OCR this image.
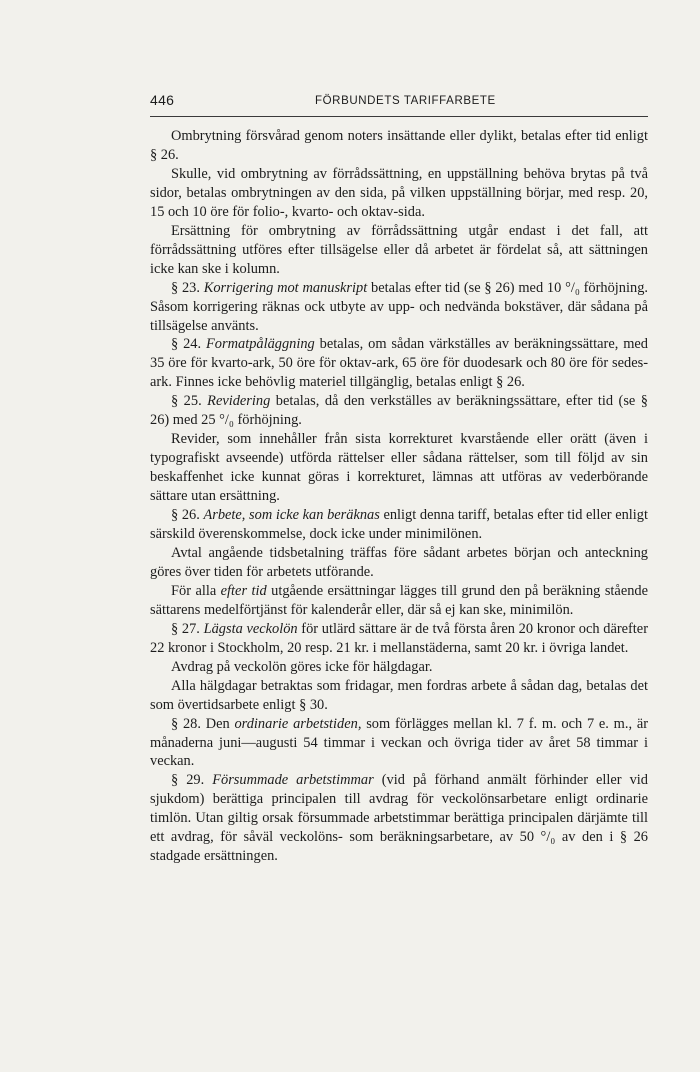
446	FÖRBUNDETS TARIFFARBETE

Ombrytning försvårad genom noters insättande eller dylikt, betalas efter tid enligt § 26.

Skulle, vid ombrytning av förrådssättning, en uppställning behöva brytas på två sidor, betalas ombrytningen av den sida, på vilken uppställning börjar, med resp. 20, 15 och 10 öre för folio-, kvarto- och oktav-sida.

Ersättning för ombrytning av förrådssättning utgår endast i det fall, att förrådssättning utföres efter tillsägelse eller då arbetet är fördelat så, att sättningen icke kan ske i kolumn.

§ 23. Korrigering mot manuskript betalas efter tid (se § 26) med 10 °/₀ förhöjning. Såsom korrigering räknas ock utbyte av upp- och nedvända bokstäver, där sådana på tillsägelse använts.

§ 24. Formatpåläggning betalas, om sådan värkställes av beräkningssättare, med 35 öre för kvarto-ark, 50 öre för oktav-ark, 65 öre för duodesark och 80 öre för sedes-ark. Finnes icke behövlig materiel tillgänglig, betalas enligt § 26.

§ 25. Revidering betalas, då den verkställes av beräkningssättare, efter tid (se § 26) med 25 °/₀ förhöjning.

Revider, som innehåller från sista korrekturet kvarstående eller orätt (även i typografiskt avseende) utförda rättelser eller sådana rättelser, som till följd av sin beskaffenhet icke kunnat göras i korrekturet, lämnas att utföras av vederbörande sättare utan ersättning.

§ 26. Arbete, som icke kan beräknas enligt denna tariff, betalas efter tid eller enligt särskild överenskommelse, dock icke under minimilönen.

Avtal angående tidsbetalning träffas före sådant arbetes början och anteckning göres över tiden för arbetets utförande.

För alla efter tid utgående ersättningar lägges till grund den på beräkning stående sättarens medelförtjänst för kalenderår eller, där så ej kan ske, minimilön.

§ 27. Lägsta veckolön för utlärd sättare är de två första åren 20 kronor och därefter 22 kronor i Stockholm, 20 resp. 21 kr. i mellanstäderna, samt 20 kr. i övriga landet.

Avdrag på veckolön göres icke för hälgdagar.

Alla hälgdagar betraktas som fridagar, men fordras arbete å sådan dag, betalas det som övertidsarbete enligt § 30.

§ 28. Den ordinarie arbetstiden, som förlägges mellan kl. 7 f. m. och 7 e. m., är månaderna juni—augusti 54 timmar i veckan och övriga tider av året 58 timmar i veckan.

§ 29. Försummade arbetstimmar (vid på förhand anmält förhinder eller vid sjukdom) berättiga principalen till avdrag för veckolönsarbetare enligt ordinarie timlön. Utan giltig orsak försummade arbetstimmar berättiga principalen därjämte till ett avdrag, för såväl veckolöns- som beräkningsarbetare, av 50 °/₀ av den i § 26 stadgade ersättningen.
